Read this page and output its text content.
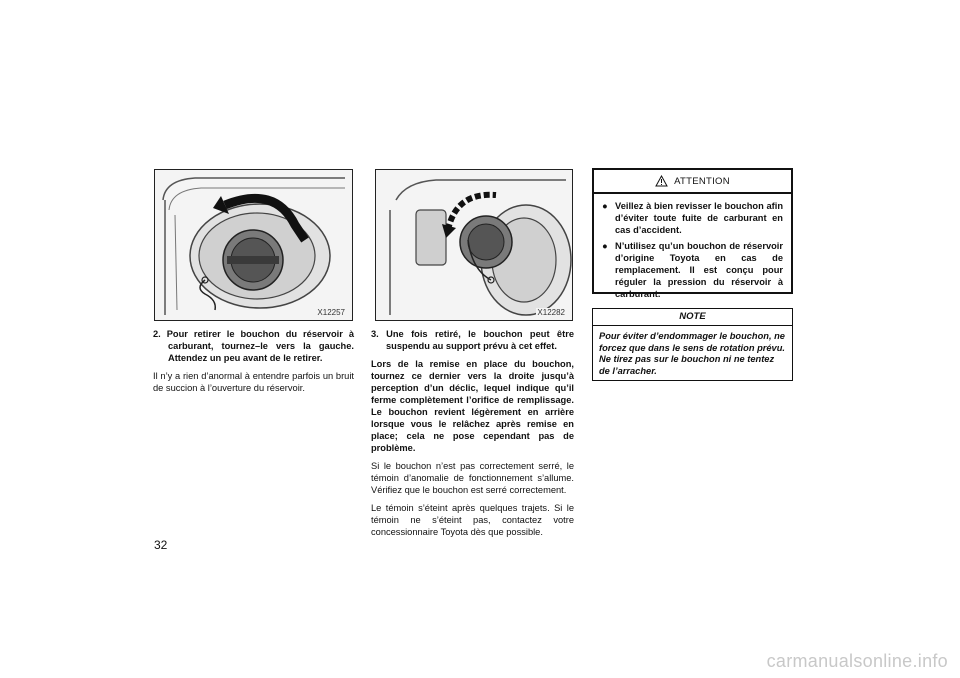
X12257	X12282

2. Pour retirer le bouchon du réservoir à carburant, tournez–le vers la gauche. Attendez un peu avant de le retirer.

Il n’y a rien d’anormal à entendre parfois un bruit de succion à l’ouverture du réservoir.

3. Une fois retiré, le bouchon peut être suspendu au support prévu à cet effet.

Lors de la remise en place du bouchon, tournez ce dernier vers la droite jusqu’à perception d’un déclic, lequel indique qu’il ferme complètement l’orifice de remplissage. Le bouchon revient légèrement en arrière lorsque vous le relâchez après remise en place; cela ne pose cependant pas de problème.

Si le bouchon n’est pas correctement serré, le témoin d’anomalie de fonctionnement s’allume. Vérifiez que le bouchon est serré correctement.

Le témoin s’éteint après quelques trajets. Si le témoin ne s’éteint pas, contactez votre concessionnaire Toyota dès que possible.

ATTENTION
● Veillez à bien revisser le bouchon afin d’éviter toute fuite de carburant en cas d’accident.
● N’utilisez qu’un bouchon de réservoir d’origine Toyota en cas de remplacement. Il est conçu pour réguler la pression du réservoir à carburant.
NOTE
Pour éviter d’endommager le bouchon, ne forcez que dans le sens de rotation prévu. Ne tirez pas sur le bouchon ni ne tentez de l’arracher.
32
carmanualsonline.info
